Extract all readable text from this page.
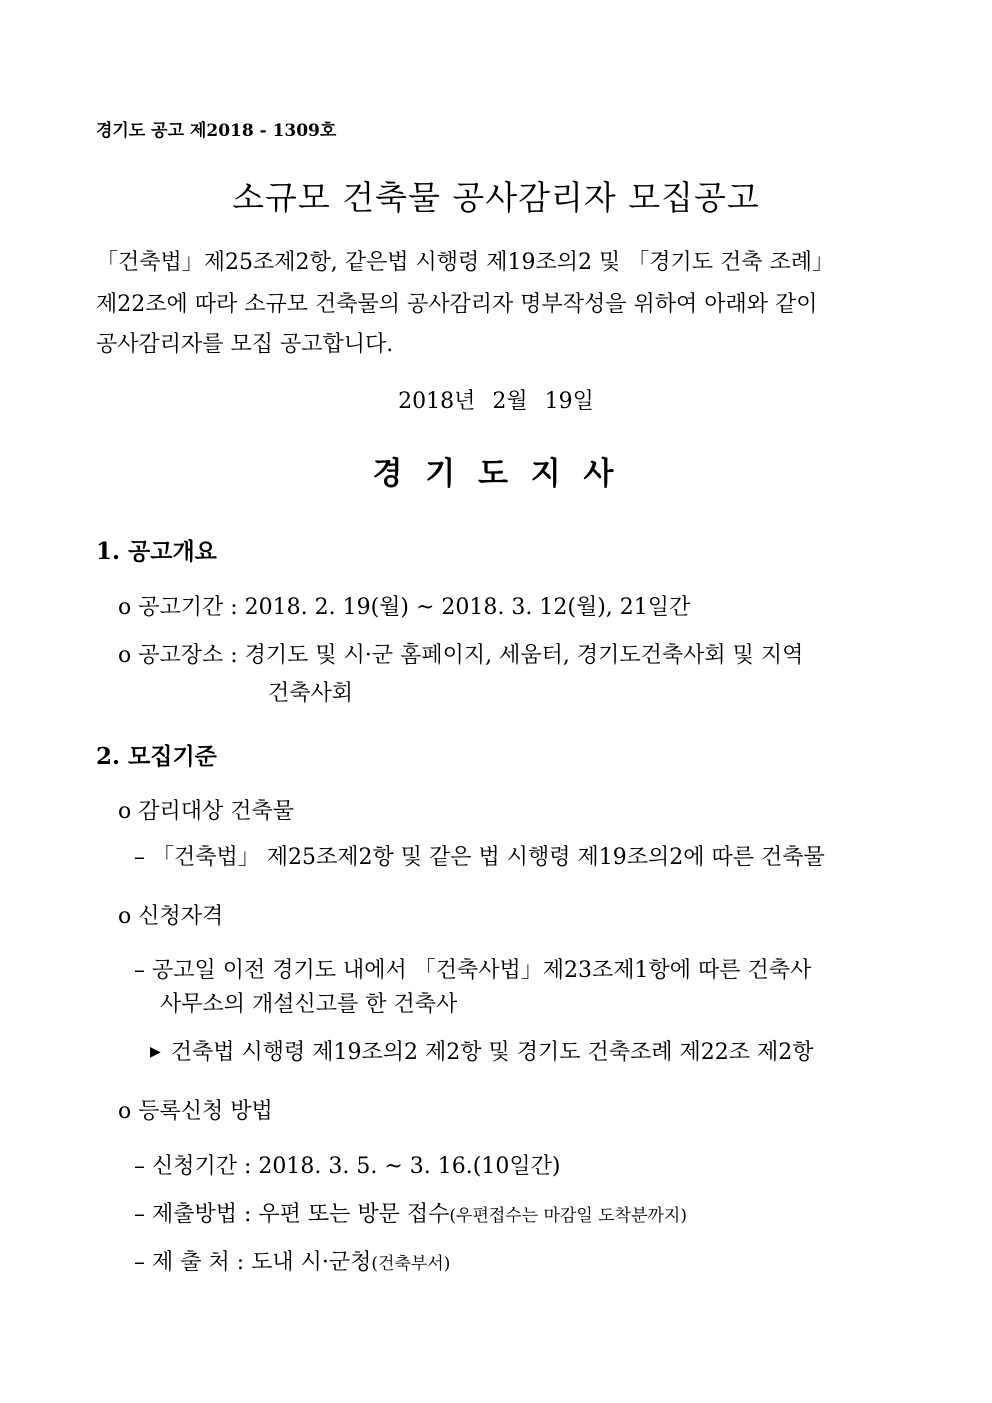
경기도 공고 제2018 - 1309호
소규모 건축물 공사감리자 모집공고
「건축법」제25조제2항, 같은법 시행령 제19조의2 및 「경기도 건축 조례」
제22조에 따라 소규모 건축물의 공사감리자 명부작성을 위하여 아래와 같이
공사감리자를 모집 공고합니다.
2018년 2월 19일
경 기 도 지 사
1. 공고개요
o 공고기간 : 2018. 2. 19(월) ~ 2018. 3. 12(월), 21일간
o 공고장소 : 경기도 및 시·군 홈페이지, 세움터, 경기도건축사회 및 지역
건축사회
2. 모집기준
o 감리대상 건축물
– 「건축법」 제25조제2항 및 같은 법 시행령 제19조의2에 따른 건축물
o 신청자격
– 공고일 이전 경기도 내에서 「건축사법」제23조제1항에 따른 건축사
사무소의 개설신고를 한 건축사
▶ 건축법 시행령 제19조의2 제2항 및 경기도 건축조례 제22조 제2항
o 등록신청 방법
– 신청기간 : 2018. 3. 5. ~ 3. 16.(10일간)
– 제출방법 : 우편 또는 방문 접수(우편접수는 마감일 도착분까지)
– 제 출 처 : 도내 시·군청(건축부서)
